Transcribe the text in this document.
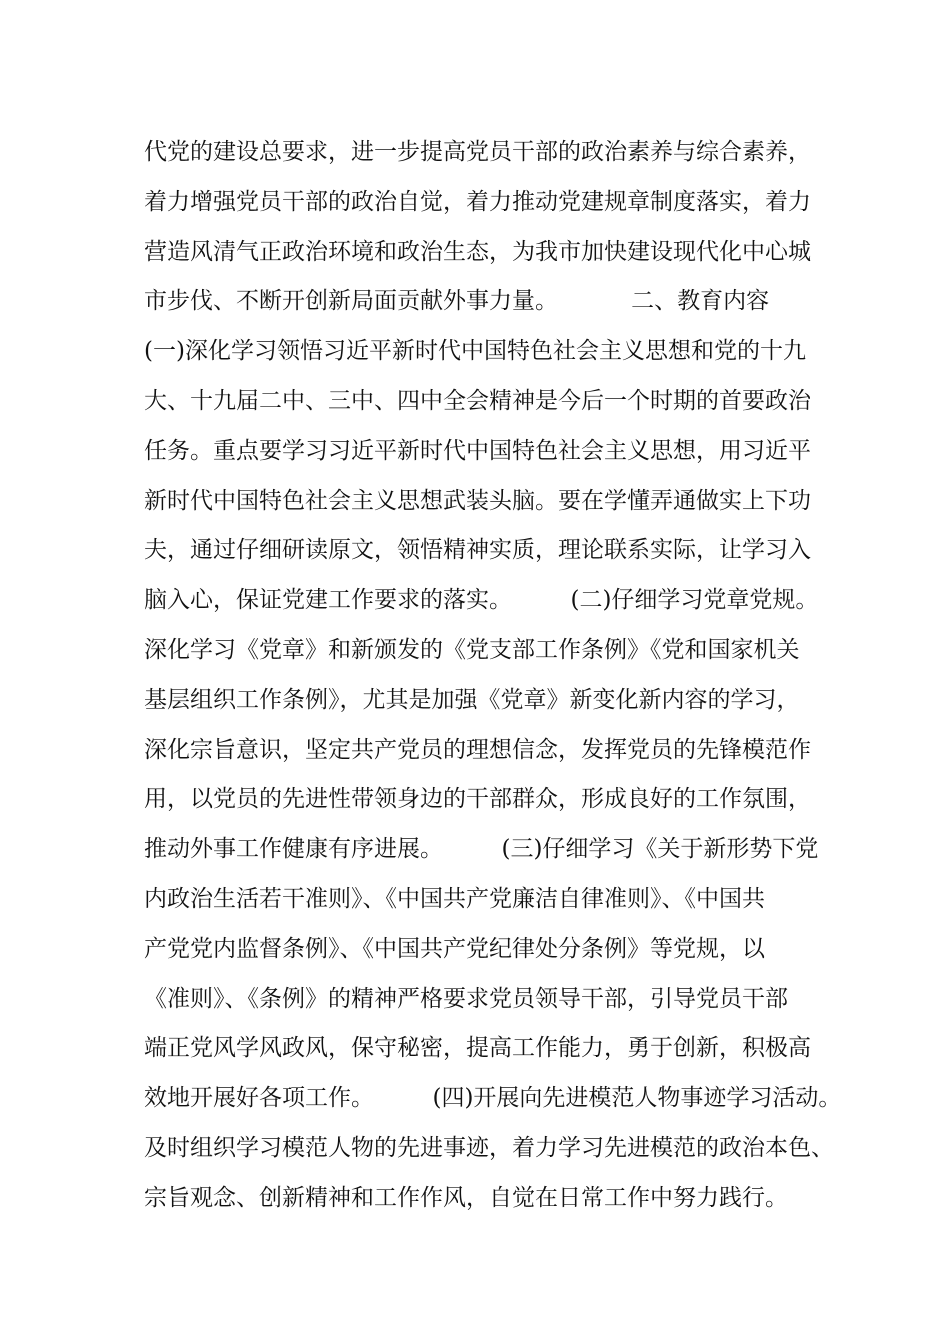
代党的建设总要求，进一步提高党员干部的政治素养与综合素养，
着力增强党员干部的政治自觉，着力推动党建规章制度落实，着力
营造风清气正政治环境和政治生态，为我市加快建设现代化中心城
市步伐、不断开创新局面贡献外事力量。          二、教育内容
(一)深化学习领悟习近平新时代中国特色社会主义思想和党的十九
大、十九届二中、三中、四中全会精神是今后一个时期的首要政治
任务。重点要学习习近平新时代中国特色社会主义思想，用习近平
新时代中国特色社会主义思想武装头脑。要在学懂弄通做实上下功
夫，通过仔细研读原文，领悟精神实质，理论联系实际，让学习入
脑入心，保证党建工作要求的落实。        (二)仔细学习党章党规。
深化学习《党章》和新颁发的《党支部工作条例》《党和国家机关
基层组织工作条例》，尤其是加强《党章》新变化新内容的学习，
深化宗旨意识，坚定共产党员的理想信念，发挥党员的先锋模范作
用，以党员的先进性带领身边的干部群众，形成良好的工作氛围，
推动外事工作健康有序进展。        (三)仔细学习《关于新形势下党
内政治生活若干准则》、《中国共产党廉洁自律准则》、《中国共
产党党内监督条例》、《中国共产党纪律处分条例》等党规，以
《准则》、《条例》的精神严格要求党员领导干部，引导党员干部
端正党风学风政风，保守秘密，提高工作能力，勇于创新，积极高
效地开展好各项工作。        (四)开展向先进模范人物事迹学习活动。
及时组织学习模范人物的先进事迹，着力学习先进模范的政治本色、
宗旨观念、创新精神和工作作风，自觉在日常工作中努力践行。
